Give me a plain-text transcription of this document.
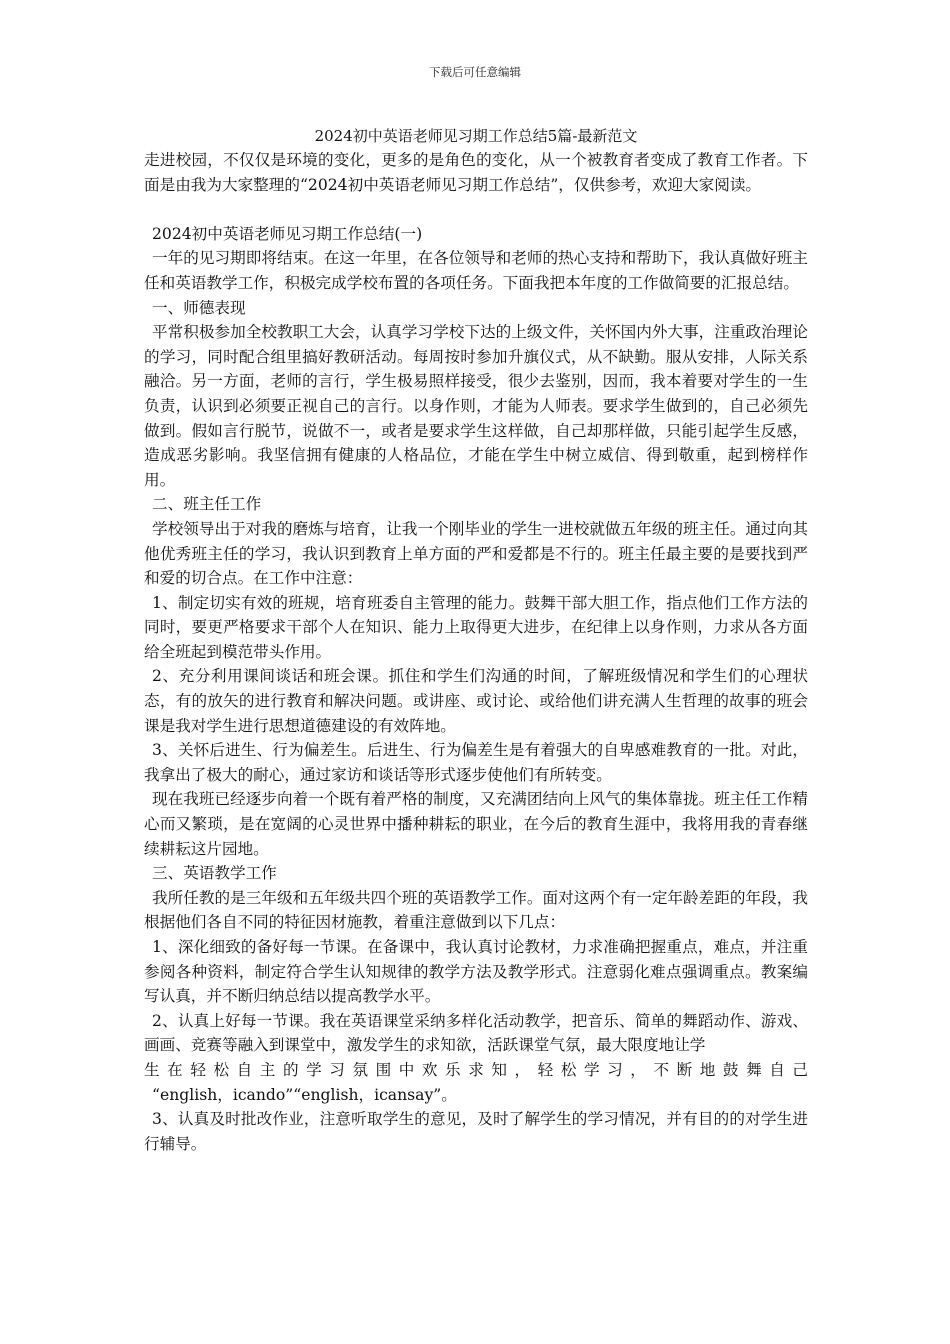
下载后可任意编辑
2024初中英语老师见习期工作总结5篇-最新范文

走进校园，不仅仅是环境的变化，更多的是角色的变化，从一个被教育者变成了教育工作者。下面是由我为大家整理的“2024初中英语老师见习期工作总结”，仅供参考，欢迎大家阅读。

2024初中英语老师见习期工作总结(一)

一年的见习期即将结束。在这一年里，在各位领导和老师的热心支持和帮助下，我认真做好班主任和英语教学工作，积极完成学校布置的各项任务。下面我把本年度的工作做简要的汇报总结。

一、师德表现

平常积极参加全校教职工大会，认真学习学校下达的上级文件，关怀国内外大事，注重政治理论的学习，同时配合组里搞好教研活动。每周按时参加升旗仪式，从不缺勤。服从安排，人际关系融洽。另一方面，老师的言行，学生极易照样接受，很少去鉴别，因而，我本着要对学生的一生负责，认识到必须要正视自己的言行。以身作则，才能为人师表。要求学生做到的，自己必须先做到。假如言行脱节，说做不一，或者是要求学生这样做，自己却那样做，只能引起学生反感，造成恶劣影响。我坚信拥有健康的人格品位，才能在学生中树立威信、得到敬重，起到榜样作用。

二、班主任工作

学校领导出于对我的磨炼与培育，让我一个刚毕业的学生一进校就做五年级的班主任。通过向其他优秀班主任的学习，我认识到教育上单方面的严和爱都是不行的。班主任最主要的是要找到严和爱的切合点。在工作中注意：

1、制定切实有效的班规，培育班委自主管理的能力。鼓舞干部大胆工作，指点他们工作方法的同时，要更严格要求干部个人在知识、能力上取得更大进步，在纪律上以身作则，力求从各方面给全班起到模范带头作用。

2、充分利用课间谈话和班会课。抓住和学生们沟通的时间，了解班级情况和学生们的心理状态，有的放矢的进行教育和解决问题。或讲座、或讨论、或给他们讲充满人生哲理的故事的班会课是我对学生进行思想道德建设的有效阵地。

3、关怀后进生、行为偏差生。后进生、行为偏差生是有着强大的自卑感难教育的一批。对此，我拿出了极大的耐心，通过家访和谈话等形式逐步使他们有所转变。

现在我班已经逐步向着一个既有着严格的制度，又充满团结向上风气的集体靠拢。班主任工作精心而又繁琐，是在宽阔的心灵世界中播种耕耘的职业，在今后的教育生涯中，我将用我的青春继续耕耘这片园地。

三、英语教学工作

我所任教的是三年级和五年级共四个班的英语教学工作。面对这两个有一定年龄差距的年段，我根据他们各自不同的特征因材施教，着重注意做到以下几点：

1、深化细致的备好每一节课。在备课中，我认真讨论教材，力求准确把握重点，难点，并注重参阅各种资料，制定符合学生认知规律的教学方法及教学形式。注意弱化难点强调重点。教案编写认真，并不断归纳总结以提高教学水平。

2、认真上好每一节课。我在英语课堂采纳多样化活动教学，把音乐、简单的舞蹈动作、游戏、画画、竞赛等融入到课堂中，激发学生的求知欲，活跃课堂气氛，最大限度地让学

生在轻松自主的学习氛围中欢乐求知，轻松学习，不断地鼓舞自己

“english，icando”“english，icansay”。

3、认真及时批改作业，注意听取学生的意见，及时了解学生的学习情况，并有目的的对学生进行辅导。
